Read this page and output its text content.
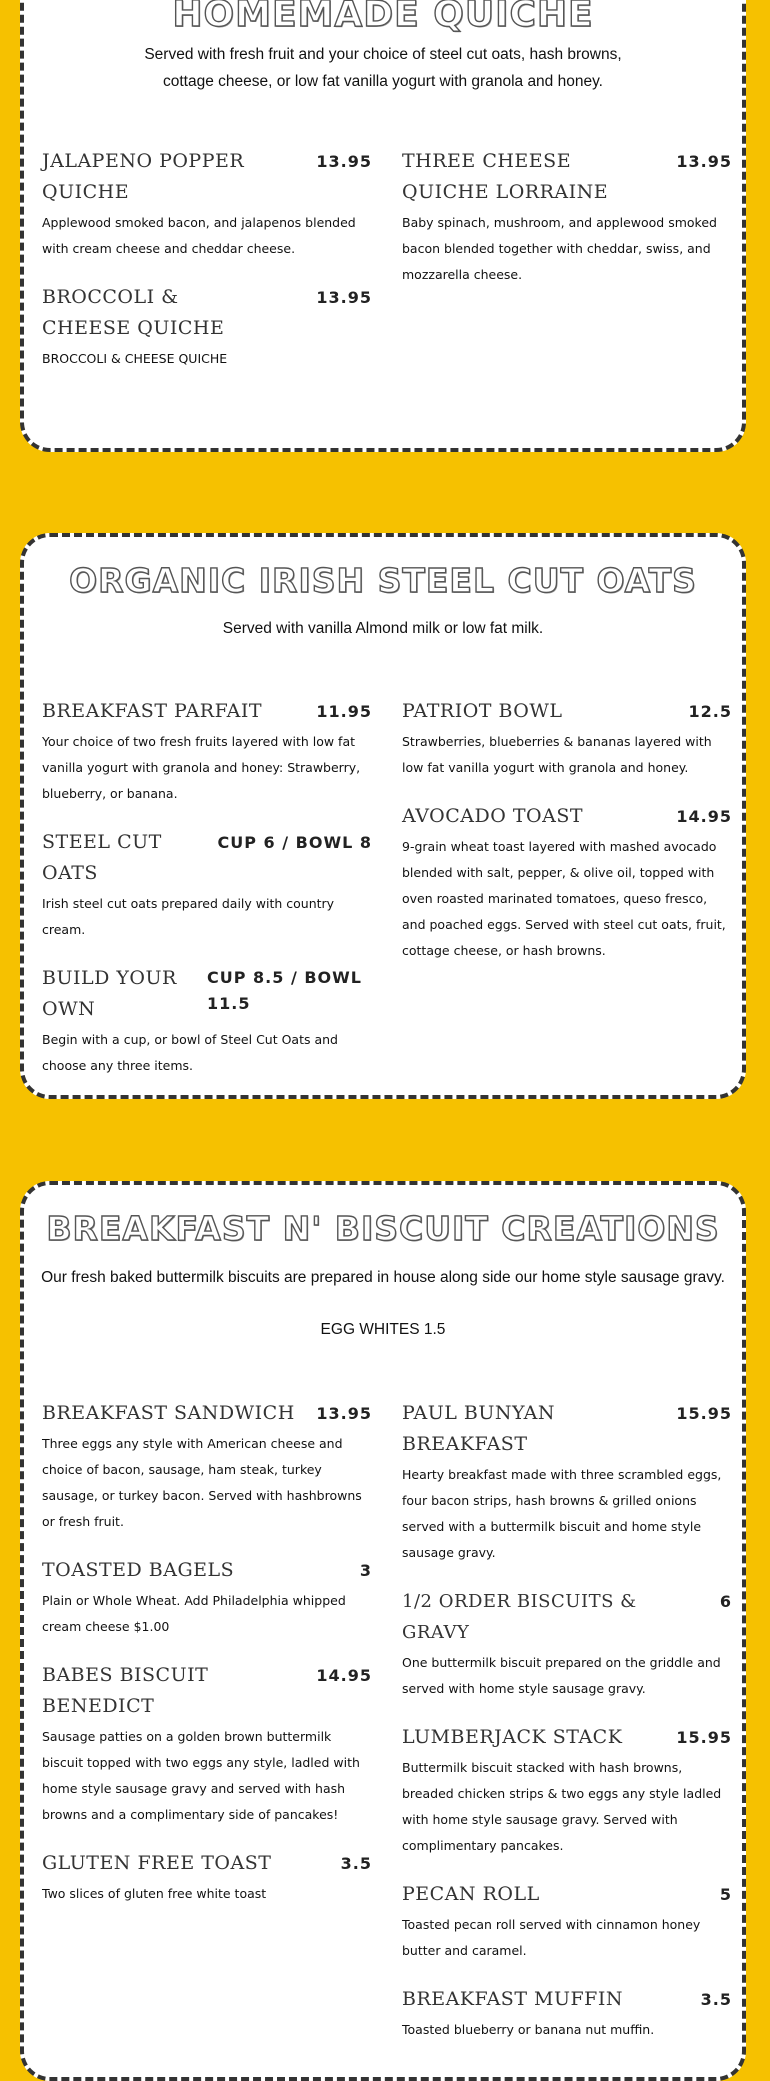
HOMEMADE QUICHE
Served with fresh fruit and your choice of steel cut oats, hash browns,
cottage cheese, or low fat vanilla yogurt with granola and honey.
JALAPENO POPPER QUICHE
13.95
Applewood smoked bacon, and jalapenos blended with cream cheese and cheddar cheese.
BROCCOLI & CHEESE QUICHE
13.95
BROCCOLI & CHEESE QUICHE
THREE CHEESE QUICHE LORRAINE
13.95
Baby spinach, mushroom, and applewood smoked bacon blended together with cheddar, swiss, and mozzarella cheese.
ORGANIC IRISH STEEL CUT OATS
Served with vanilla Almond milk or low fat milk.
BREAKFAST PARFAIT	11.95
Your choice of two fresh fruits layered with low fat vanilla yogurt with granola and honey: Strawberry, blueberry, or banana.
STEEL CUT OATS
CUP 6 / BOWL 8
Irish steel cut oats prepared daily with country cream.
BUILD YOUR OWN
CUP 8.5 / BOWL 11.5
Begin with a cup, or bowl of Steel Cut Oats and choose any three items.
PATRIOT BOWL	12.5
Strawberries, blueberries & bananas layered with low fat vanilla yogurt with granola and honey.
AVOCADO TOAST	14.95
9-grain wheat toast layered with mashed avocado blended with salt, pepper, & olive oil, topped with oven roasted marinated tomatoes, queso fresco, and poached eggs. Served with steel cut oats, fruit, cottage cheese, or hash browns.
BREAKFAST N' BISCUIT CREATIONS
Our fresh baked buttermilk biscuits are prepared in house along side our home style sausage gravy.
EGG WHITES 1.5
BREAKFAST SANDWICH 13.95
Three eggs any style with American cheese and choice of bacon, sausage, ham steak, turkey sausage, or turkey bacon. Served with hashbrowns or fresh fruit.
TOASTED BAGELS	3
Plain or Whole Wheat. Add Philadelphia whipped cream cheese $1.00
BABES BISCUIT BENEDICT
14.95
Sausage patties on a golden brown buttermilk biscuit topped with two eggs any style, ladled with home style sausage gravy and served with hash browns and a complimentary side of pancakes!
GLUTEN FREE TOAST	3.5
Two slices of gluten free white toast
PAUL BUNYAN BREAKFAST
15.95
Hearty breakfast made with three scrambled eggs, four bacon strips, hash browns & grilled onions served with a buttermilk biscuit and home style sausage gravy.
1/2 ORDER BISCUITS & GRAVY
6
One buttermilk biscuit prepared on the griddle and served with home style sausage gravy.
LUMBERJACK STACK	15.95
Buttermilk biscuit stacked with hash browns, breaded chicken strips & two eggs any style ladled with home style sausage gravy. Served with complimentary pancakes.
PECAN ROLL	5
Toasted pecan roll served with cinnamon honey butter and caramel.
BREAKFAST MUFFIN	3.5
Toasted blueberry or banana nut muffin.
